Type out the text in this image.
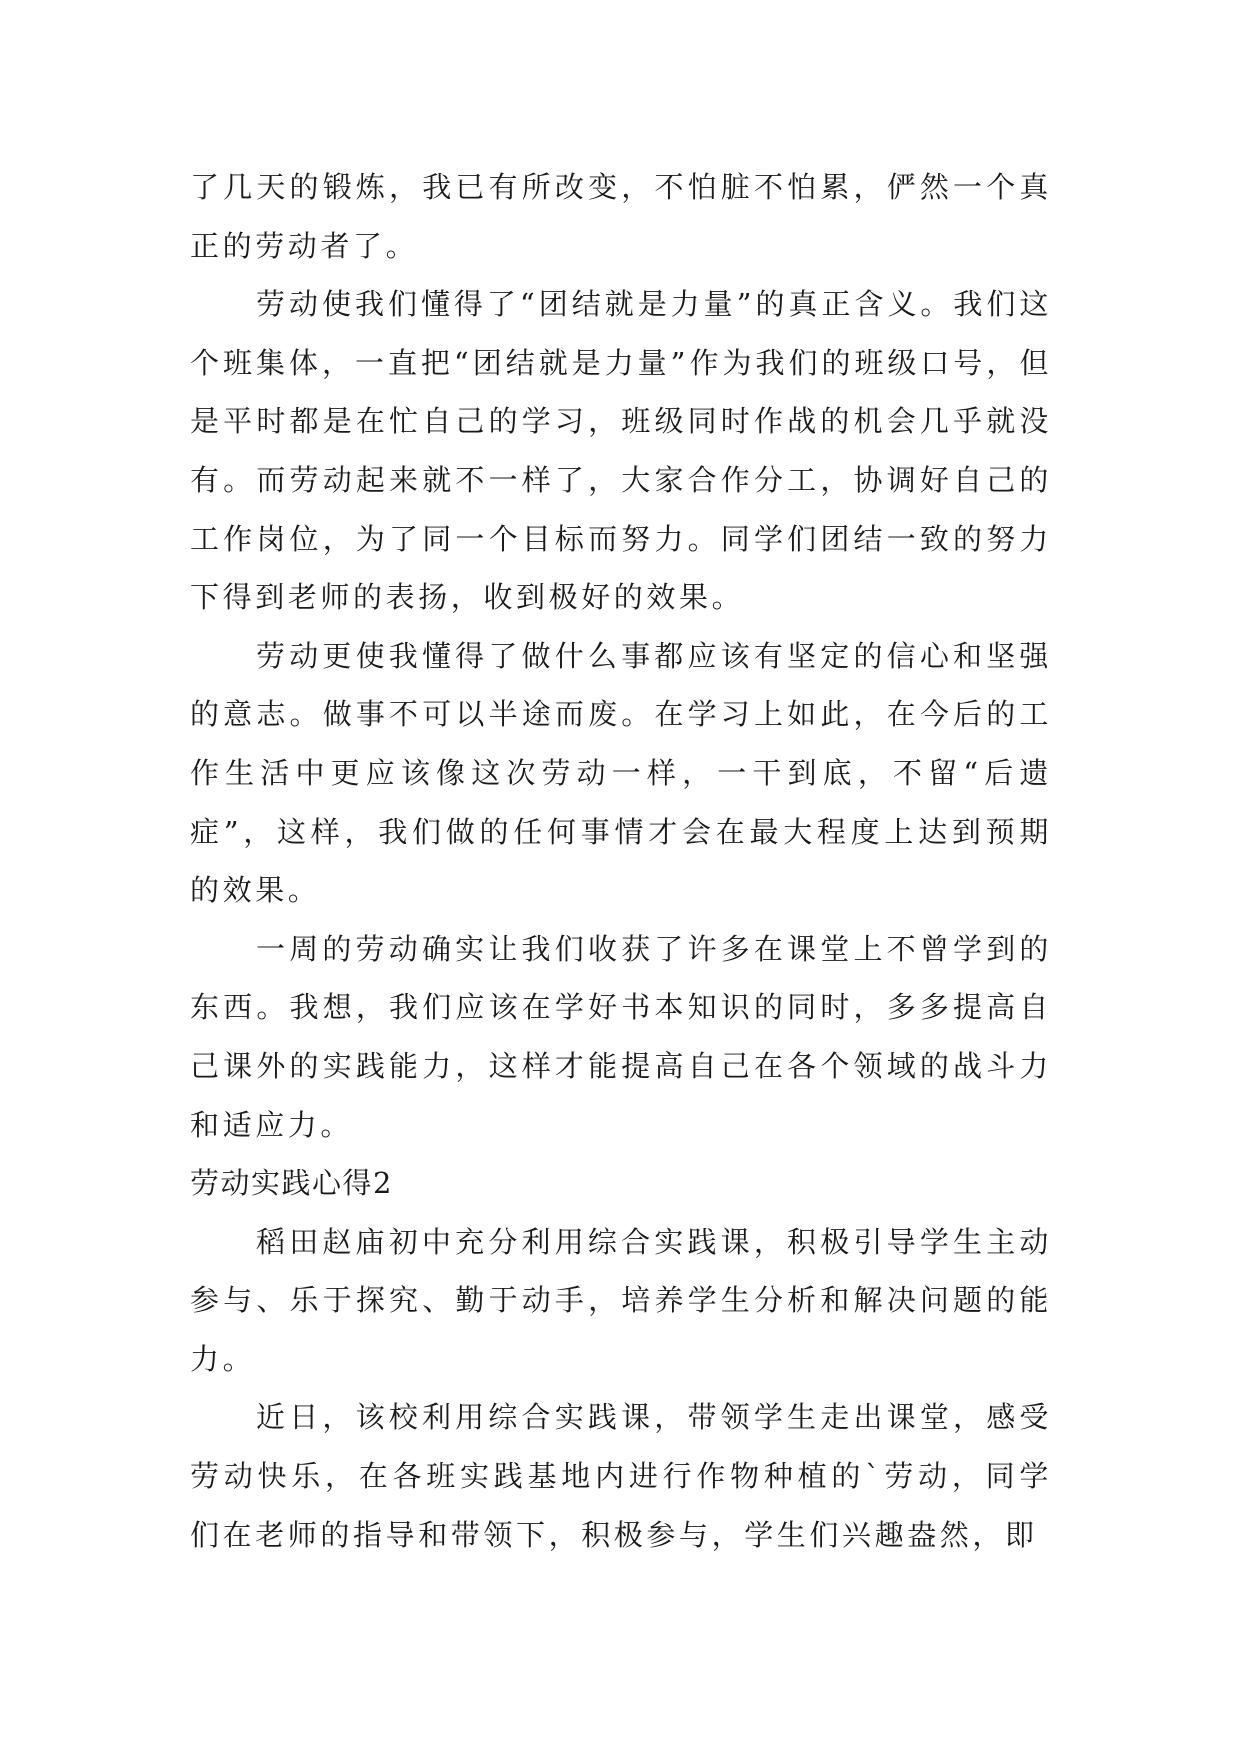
了几天的锻炼，我已有所改变，不怕脏不怕累，俨然一个真正的劳动者了。

劳动使我们懂得了“团结就是力量”的真正含义。我们这个班集体，一直把“团结就是力量”作为我们的班级口号，但是平时都是在忙自己的学习，班级同时作战的机会几乎就没有。而劳动起来就不一样了，大家合作分工，协调好自己的工作岗位，为了同一个目标而努力。同学们团结一致的努力下得到老师的表扬，收到极好的效果。

劳动更使我懂得了做什么事都应该有坚定的信心和坚强的意志。做事不可以半途而废。在学习上如此，在今后的工作生活中更应该像这次劳动一样，一干到底，不留“后遗症”，这样，我们做的任何事情才会在最大程度上达到预期的效果。

一周的劳动确实让我们收获了许多在课堂上不曾学到的东西。我想，我们应该在学好书本知识的同时，多多提高自己课外的实践能力，这样才能提高自己在各个领域的战斗力和适应力。

劳动实践心得2

稻田赵庙初中充分利用综合实践课，积极引导学生主动参与、乐于探究、勤于动手，培养学生分析和解决问题的能力。

近日，该校利用综合实践课，带领学生走出课堂，感受劳动快乐，在各班实践基地内进行作物种植的`劳动，同学们在老师的指导和带领下，积极参与，学生们兴趣盎然，即
